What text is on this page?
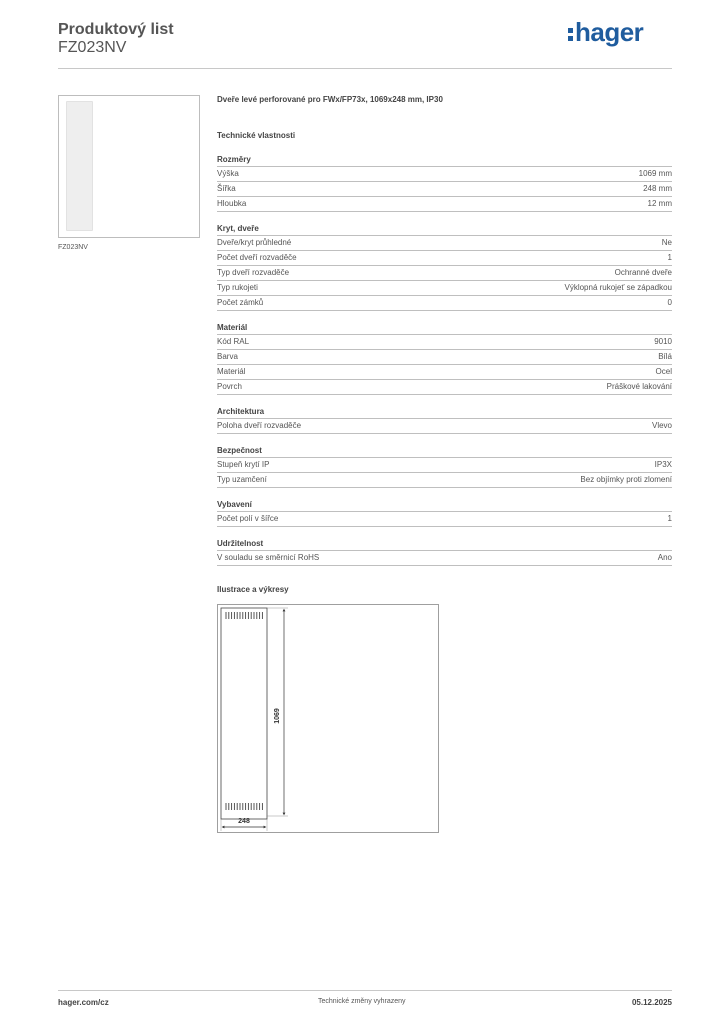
Produktový list
FZ023NV
hager
FZ023NV
Dveře levé perforované pro FWx/FP73x, 1069x248 mm, IP30
Technické vlastnosti
Rozměry
Výška	1069 mm
Šířka	248 mm
Hloubka	12 mm
Kryt, dveře
Dveře/kryt průhledné	Ne
Počet dveří rozvaděče	1
Typ dveří rozvaděče	Ochranné dveře
Typ rukojeti	Výklopná rukojeť se západkou
Počet zámků	0
Materiál
Kód RAL	9010
Barva	Bílá
Materiál	Ocel
Povrch	Práškové lakování
Architektura
Poloha dveří rozvaděče	Vlevo
Bezpečnost
Stupeň krytí IP	IP3X
Typ uzamčení	Bez objímky proti zlomení
Vybavení
Počet polí v šířce	1
Udržitelnost
V souladu se směrnicí RoHS	Ano
Ilustrace a výkresy
1069
248
hager.com/cz	Technické změny vyhrazeny	05.12.2025
